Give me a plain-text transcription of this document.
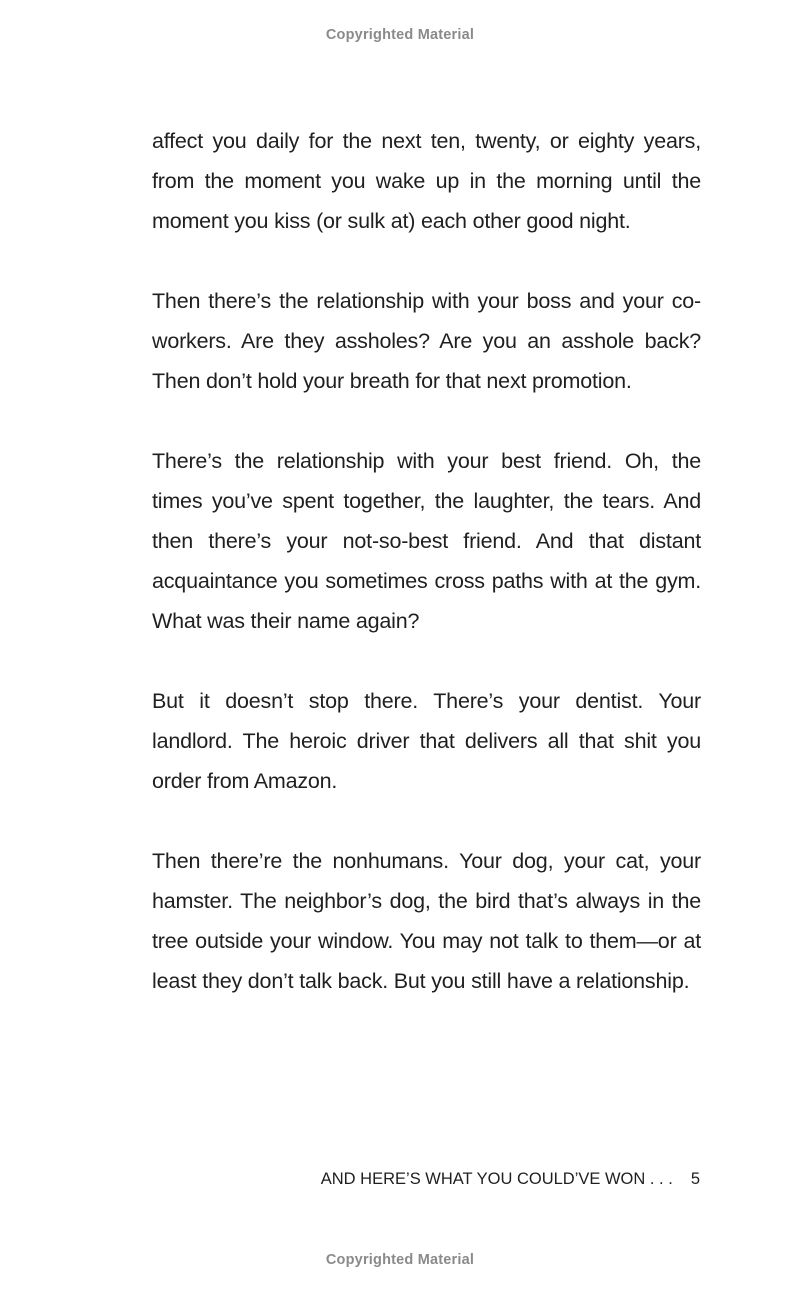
Copyrighted Material

affect you daily for the next ten, twenty, or eighty years, from the moment you wake up in the morning until the moment you kiss (or sulk at) each other good night.

Then there’s the relationship with your boss and your co-workers. Are they assholes? Are you an asshole back? Then don’t hold your breath for that next promotion.

There’s the relationship with your best friend. Oh, the times you’ve spent together, the laughter, the tears. And then there’s your not-so-best friend. And that distant acquaintance you sometimes cross paths with at the gym. What was their name again?

But it doesn’t stop there. There’s your dentist. Your landlord. The heroic driver that delivers all that shit you order from Amazon.

Then there’re the nonhumans. Your dog, your cat, your hamster. The neighbor’s dog, the bird that’s always in the tree outside your window. You may not talk to them—or at least they don’t talk back. But you still have a relationship.

AND HERE’S WHAT YOU COULD’VE WON . . . 5
Copyrighted Material
